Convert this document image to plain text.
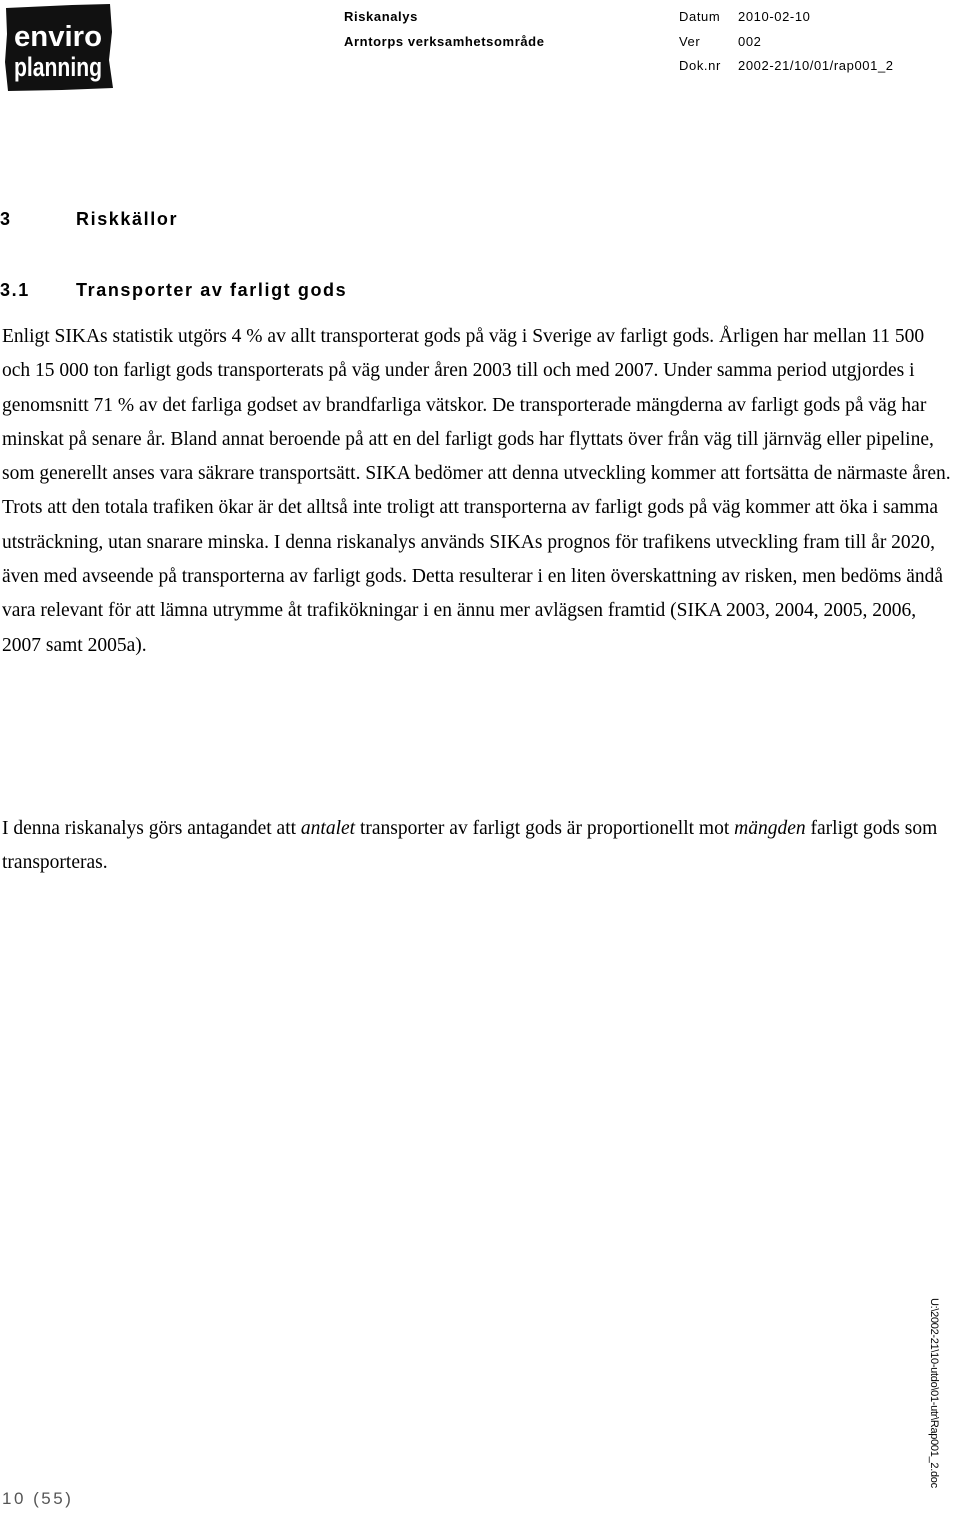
enviro
planning
Riskanalys
Arntorps verksamhetsområde
Datum 2010-02-10
Ver	002
Dok.nr 2002-21/10/01/rap001_2
3	Riskkällor
3.1	Transporter av farligt gods

Enligt SIKAs statistik utgörs 4 % av allt transporterat gods på väg i Sverige av farligt gods. Årligen har mellan 11 500 och 15 000 ton farligt gods transporterats på väg under åren 2003 till och med 2007. Under samma period utgjordes i genomsnitt 71 % av det farliga godset av brandfarliga vätskor. De transporterade mängderna av farligt gods på väg har minskat på senare år. Bland annat beroende på att en del farligt gods har flyttats över från väg till järnväg eller pipeline, som generellt anses vara säkrare transportsätt. SIKA bedömer att denna utveckling kommer att fortsätta de närmaste åren. Trots att den totala trafiken ökar är det alltså inte troligt att transporterna av farligt gods på väg kommer att öka i samma utsträckning, utan snarare minska. I denna riskanalys används SIKAs prognos för trafikens utveckling fram till år 2020, även med avseende på transporterna av farligt gods. Detta resulterar i en liten överskattning av risken, men bedöms ändå vara relevant för att lämna utrymme åt trafikökningar i en ännu mer avlägsen framtid (SIKA 2003, 2004, 2005, 2006, 2007 samt 2005a).

I denna riskanalys görs antagandet att antalet transporter av farligt gods är proportionellt mot mängden farligt gods som transporteras.

10 (55)
U:\2002-21\10-utdo\01-utr\Rap001_2.doc
